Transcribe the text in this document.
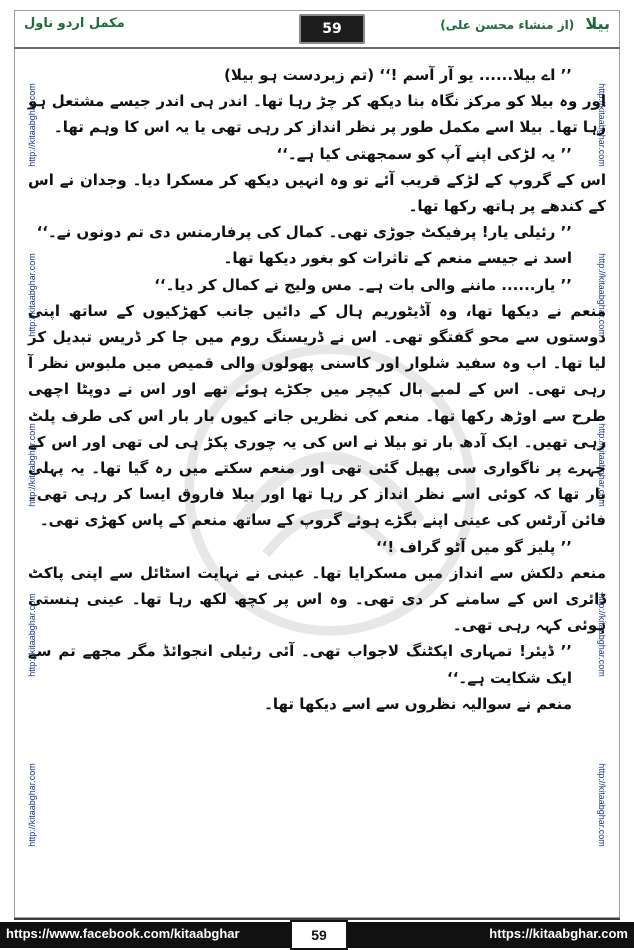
مکمل اردو ناول	59	بیلا (از منشاء محسن علی)
http://kitaabghar.com
http://kitaabghar.com
http://kitaabghar.com
http://kitaabghar.com
http://kitaabghar.com
http://kitaabghar.com
http://kitaabghar.com
http://kitaabghar.com
http://kitaabghar.com
http://kitaabghar.com

’’ اے بیلا...... یو آر آسم !‘‘ (تم زبردست ہو بیلا)

اور وہ بیلا کو مرکز نگاہ بنا دیکھ کر چڑ رہا تھا۔ اندر ہی اندر جیسے مشتعل ہو رہا تھا۔ بیلا اسے مکمل طور پر نظر انداز کر رہی تھی یا یہ اس کا وہم تھا۔

’’ یہ لڑکی اپنے آپ کو سمجھتی کیا ہے۔‘‘

اس کے گروپ کے لڑکے قریب آئے تو وہ انہیں دیکھ کر مسکرا دیا۔ وجدان نے اس کے کندھے پر ہاتھ رکھا تھا۔

’’ رئیلی یار! پرفیکٹ جوڑی تھی۔ کمال کی پرفارمنس دی تم دونوں نے۔‘‘

اسد نے جیسے منعم کے تاثرات کو بغور دیکھا تھا۔

’’ یار...... ماننے والی بات ہے۔ مس ولیج نے کمال کر دیا۔‘‘

منعم نے دیکھا تھا، وہ آڈیٹوریم ہال کے دائیں جانب کھڑکیوں کے ساتھ اپنی دوستوں سے محو گفتگو تھی۔ اس نے ڈریسنگ روم میں جا کر ڈریس تبدیل کر لیا تھا۔ اب وہ سفید شلوار اور کاسنی پھولوں والی قمیص میں ملبوس نظر آ رہی تھی۔ اس کے لمبے بال کیچر میں جکڑے ہوئے تھے اور اس نے دوپٹا اچھی طرح سے اوڑھ رکھا تھا۔ منعم کی نظریں جانے کیوں بار بار اس کی طرف پلٹ رہی تھیں۔ ایک آدھ بار تو بیلا نے اس کی یہ چوری پکڑ ہی لی تھی اور اس کے چہرے پر ناگواری سی پھیل گئی تھی اور منعم سکتے میں رہ گیا تھا۔ یہ پہلی بار تھا کہ کوئی اسے نظر انداز کر رہا تھا اور بیلا فاروق ایسا کر رہی تھی۔ فائن آرٹس کی عینی اپنے بگڑے ہوئے گروپ کے ساتھ منعم کے پاس کھڑی تھی۔

’’ پلیز گو میں آٹو گراف !‘‘

منعم دلکش سے انداز میں مسکرایا تھا۔ عینی نے نہایت اسٹائل سے اپنی پاکٹ ڈائری اس کے سامنے کر دی تھی۔ وہ اس پر کچھ لکھ رہا تھا۔ عینی ہنستی ہوئی کہہ رہی تھی۔

’’ ڈیئر! تمہاری ایکٹنگ لاجواب تھی۔ آئی رئیلی انجوائڈ مگر مجھے تم سے ایک شکایت ہے۔‘‘

منعم نے سوالیہ نظروں سے اسے دیکھا تھا۔

https://www.facebook.com/kitaabghar	59	https://kitaabghar.com
